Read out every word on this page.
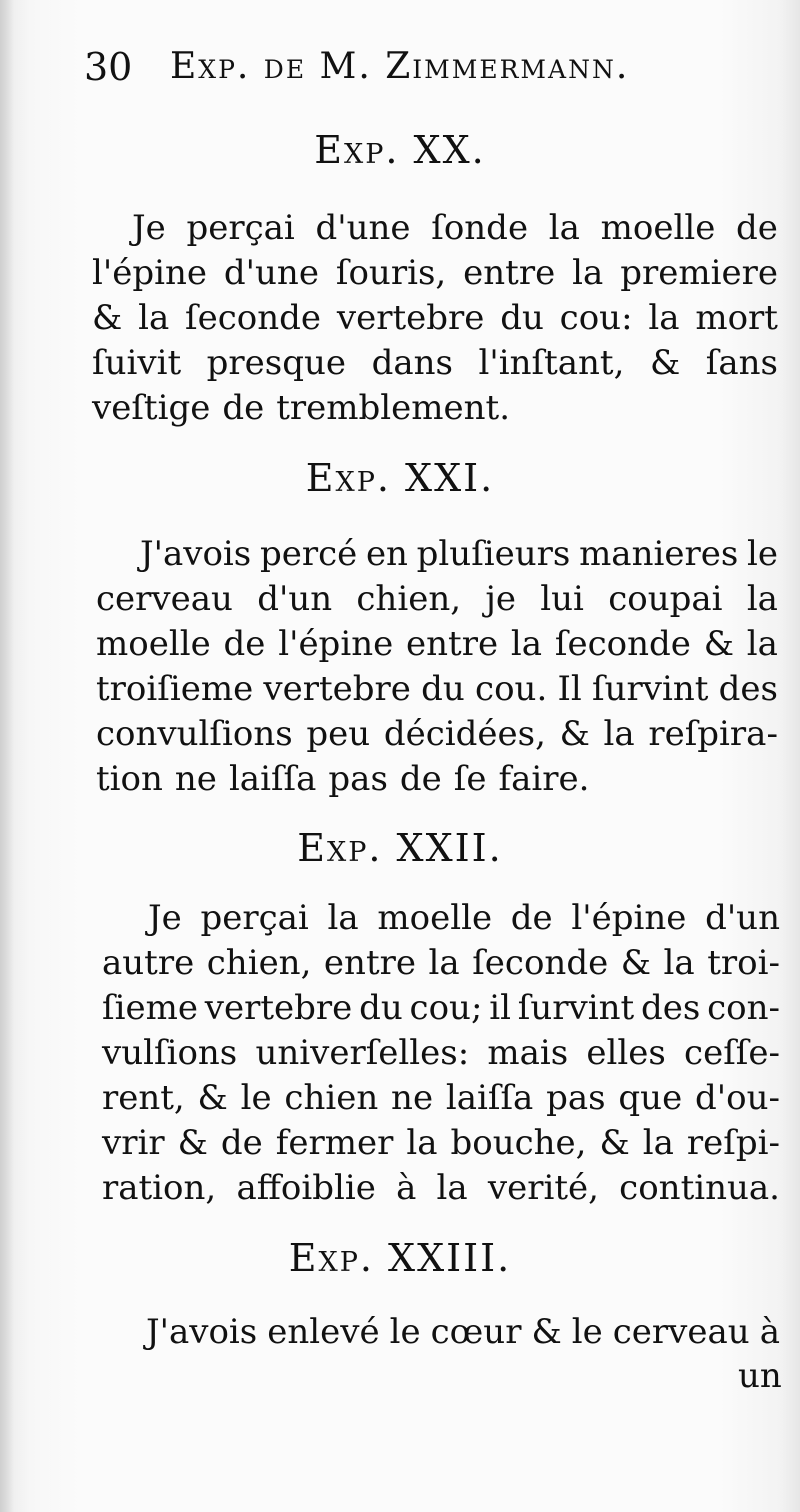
30 Exp. de M. Zimmermann.
Exp. XX.
Je perçai d'une ſonde la moelle de
l'épine d'une ſouris, entre la premiere
& la ſeconde vertebre du cou: la mort
ſuivit presque dans l'inſtant, & ſans
veſtige de tremblement.
Exp. XXI.
J'avois percé en pluſieurs manieres le
cerveau d'un chien, je lui coupai la
moelle de l'épine entre la ſeconde & la
troiſieme vertebre du cou. Il ſurvint des
convulſions peu décidées, & la reſpira-
tion ne laiſſa pas de ſe faire.
Exp. XXII.
Je perçai la moelle de l'épine d'un
autre chien, entre la ſeconde & la troi-
ſieme vertebre du cou; il ſurvint des con-
vulſions univerſelles: mais elles ceſſe-
rent, & le chien ne laiſſa pas que d'ou-
vrir & de fermer la bouche, & la reſpi-
ration, affoiblie à la verité, continua.
Exp. XXIII.
J'avois enlevé le cœur & le cerveau à
un
